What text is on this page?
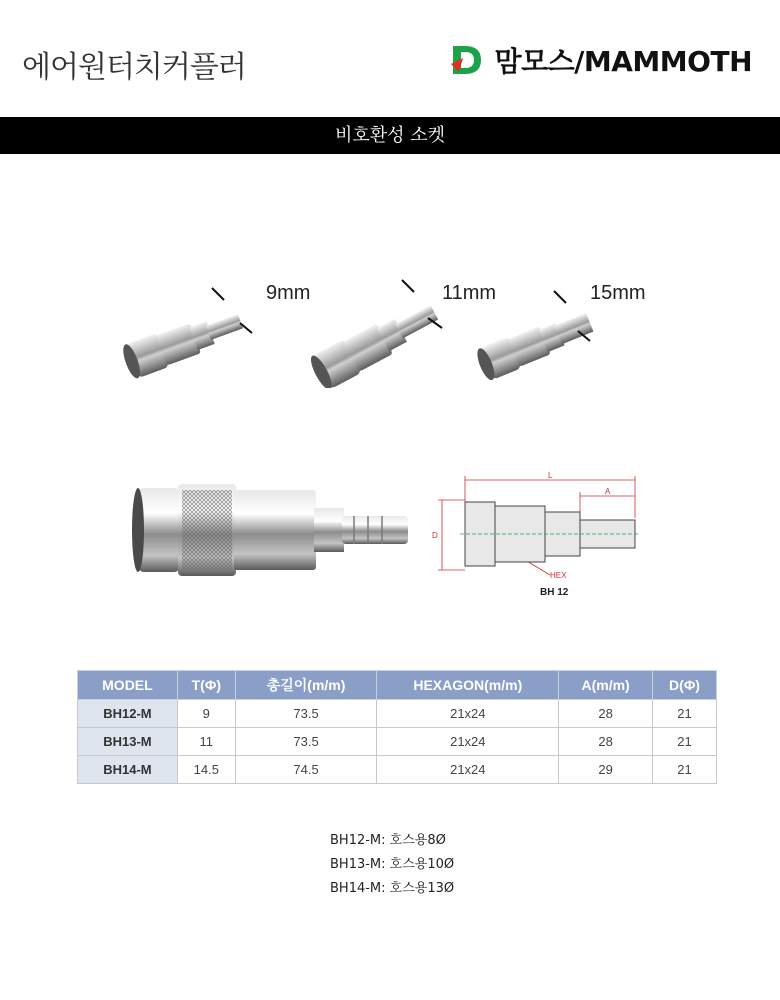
에어원터치커플러	맘모스/MAMMOTH
비호환성 소켓
9mm	11mm	15mm
L
A
D
HEX
BH 12
MODEL	T(Φ)	총길이(m/m)	HEXAGON(m/m)	A(m/m)	D(Φ)
BH12-M	9	73.5	21x24	28	21
BH13-M	11	73.5	21x24	28	21
BH14-M	14.5	74.5	21x24	29	21
BH12-M: 호스용8Ø
BH13-M: 호스용10Ø
BH14-M: 호스용13Ø
